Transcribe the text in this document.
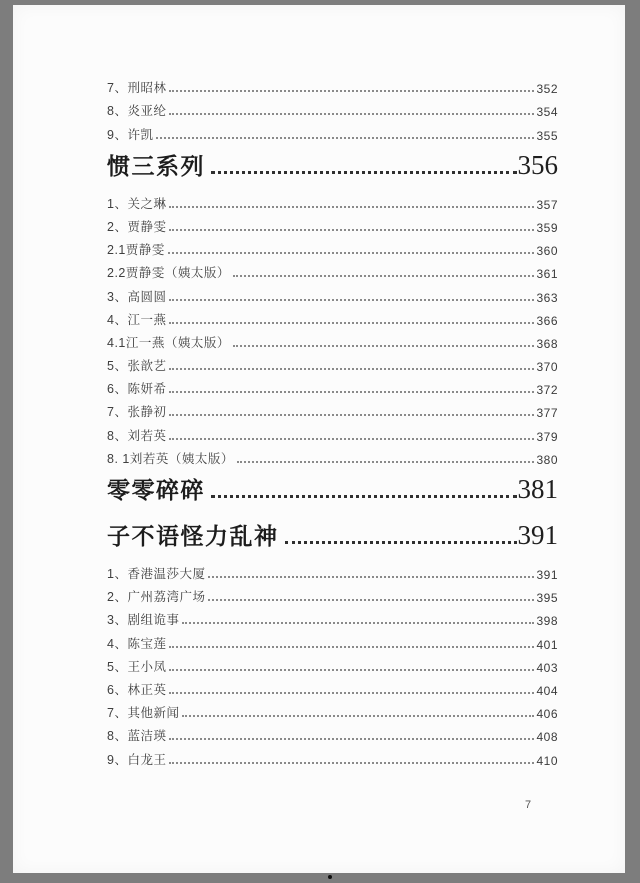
7、刑昭林	352
8、炎亚纶	354
9、许凯	355
惯三系列	356
1、关之琳	357
2、贾静雯	359
2.1贾静雯	360
2.2贾静雯（姨太版）	361
3、高圆圆	363
4、江一燕	366
4.1江一燕（姨太版）	368
5、张歆艺	370
6、陈妍希	372
7、张静初	377
8、刘若英	379
8. 1刘若英（姨太版）	380
零零碎碎	381
子不语怪力乱神	391
1、香港温莎大厦	391
2、广州荔湾广场	395
3、剧组诡事	398
4、陈宝莲	401
5、王小凤	403
6、林正英	404
7、其他新闻	406
8、蓝洁瑛	408
9、白龙王	410
7
